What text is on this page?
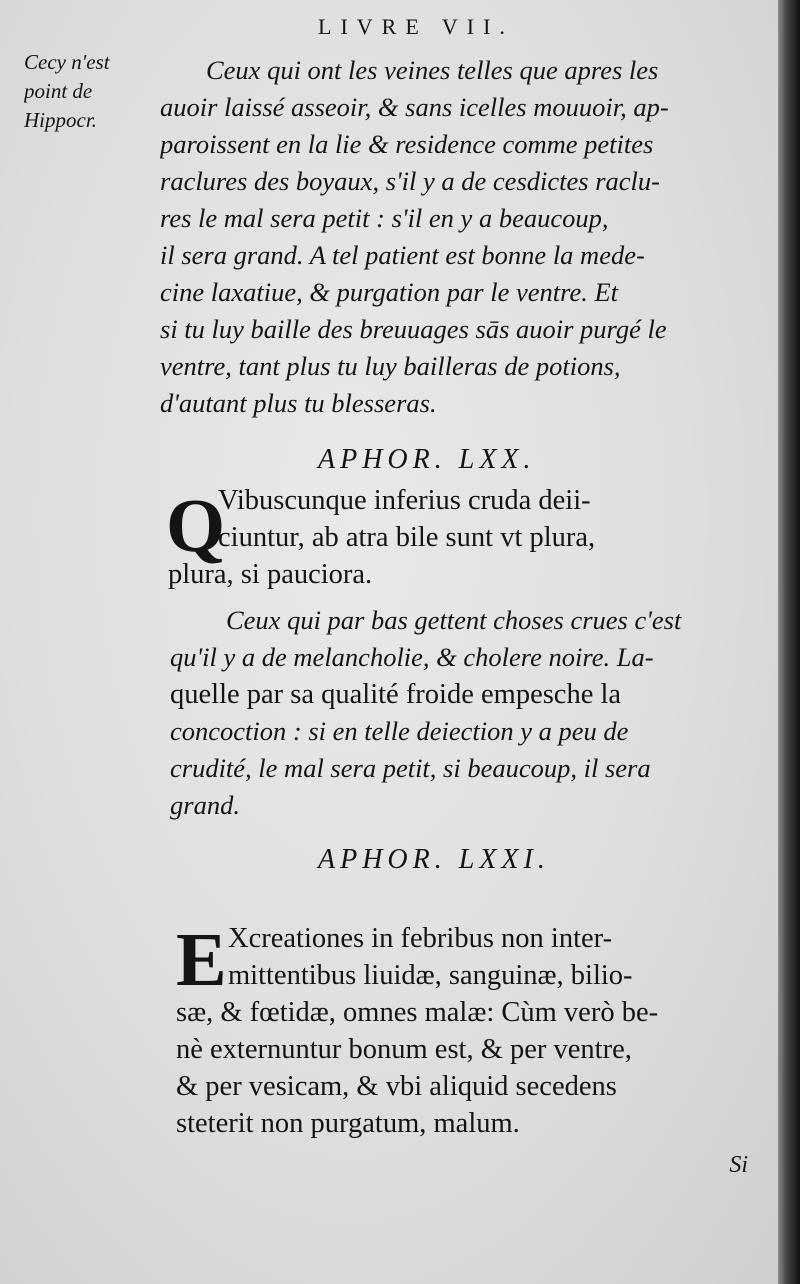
LIVRE VII.
Cecy n'est
point de
Hippocr.
Ceux qui ont les veines telles que apres les
auoir laissé asseoir, & sans icelles mouuoir, ap-
paroissent en la lie & residence comme petites
raclures des boyaux, s'il y a de cesdictes raclu-
res le mal sera petit : s'il en y a beaucoup,
il sera grand. A tel patient est bonne la mede-
cine laxatiue, & purgation par le ventre. Et
si tu luy baille des breuuages sās auoir purgé le
ventre, tant plus tu luy bailleras de potions,
d'autant plus tu blesseras.
APHOR. LXX.
Q
Vibuscunque inferius cruda deii-
ciuntur, ab atra bile sunt vt plura,
plura, si pauciora.
Ceux qui par bas gettent choses crues c'est
qu'il y a de melancholie, & cholere noire. La-
quelle par sa qualité froide empesche la
concoction : si en telle deiection y a peu de
crudité, le mal sera petit, si beaucoup, il sera
grand.
APHOR. LXXI.
E Xcreationes in febribus non inter-
mittentibus liuidæ, sanguinæ, bilio-
sæ, & fœtidæ, omnes malæ: Cùm verò be-
nè externuntur bonum est, & per ventre,
& per vesicam, & vbi aliquid secedens
steterit non purgatum, malum.
Si
